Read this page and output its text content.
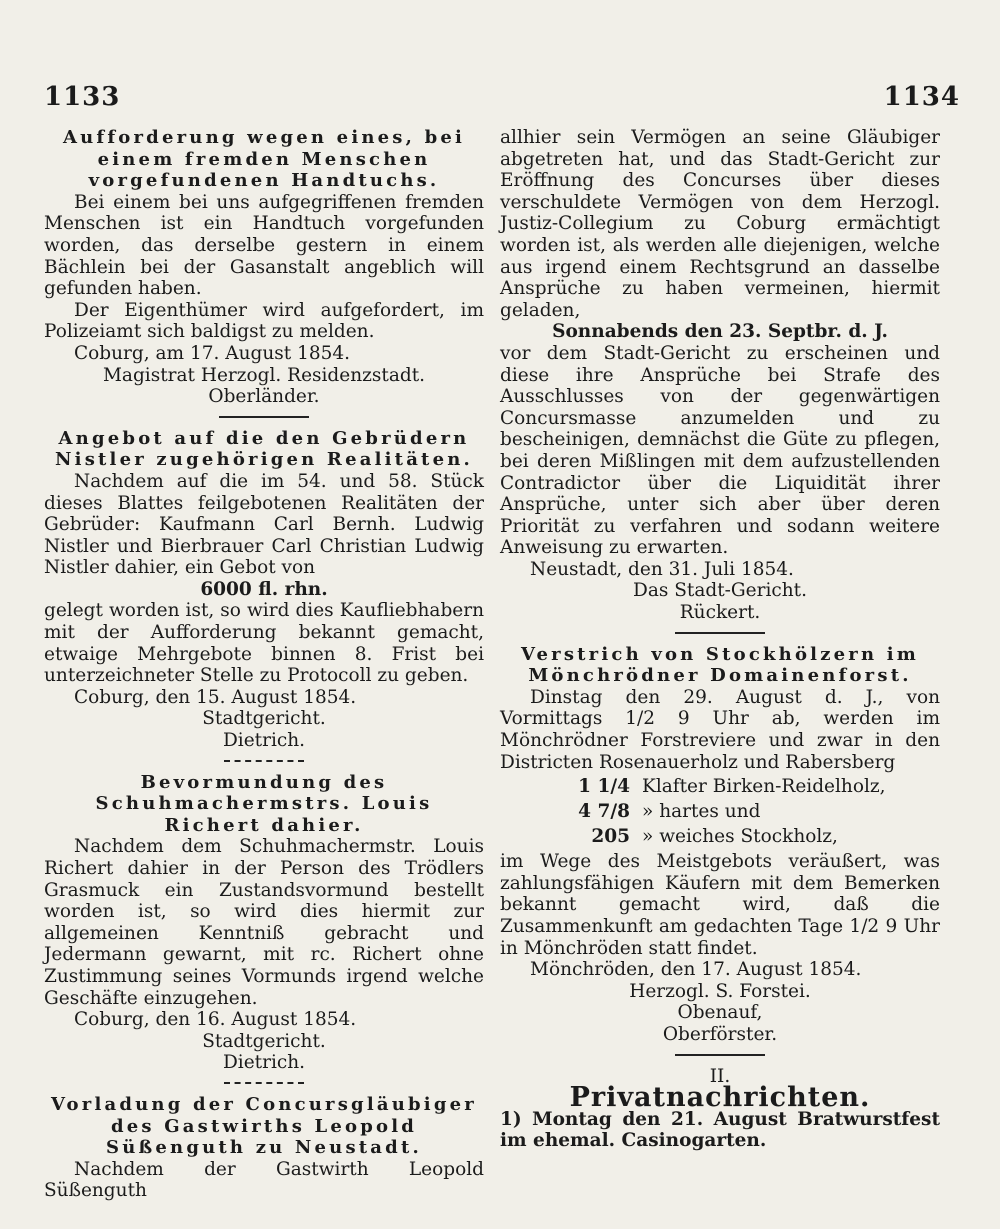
1133	1134

Aufforderung wegen eines, bei einem fremden Menschen vorgefundenen Handtuchs.

Bei einem bei uns aufgegriffenen fremden Menschen ist ein Handtuch vorgefunden worden, das derselbe gestern in einem Bächlein bei der Gasanstalt angeblich will gefunden haben.

Der Eigenthümer wird aufgefordert, im Polizeiamt sich baldigst zu melden.

Coburg, am 17. August 1854.

Magistrat Herzogl. Residenzstadt.

Oberländer.

Angebot auf die den Gebrüdern Nistler zugehörigen Realitäten.

Nachdem auf die im 54. und 58. Stück dieses Blattes feilgebotenen Realitäten der Gebrüder: Kaufmann Carl Bernh. Ludwig Nistler und Bierbrauer Carl Christian Ludwig Nistler dahier, ein Gebot von

6000 fl. rhn.

gelegt worden ist, so wird dies Kaufliebhabern mit der Aufforderung bekannt gemacht, etwaige Mehrgebote binnen 8. Frist bei unterzeichneter Stelle zu Protocoll zu geben.

Coburg, den 15. August 1854.

Stadtgericht.

Dietrich.

Bevormundung des Schuhmachermstrs. Louis Richert dahier.

Nachdem dem Schuhmachermstr. Louis Richert dahier in der Person des Trödlers Grasmuck ein Zustandsvormund bestellt worden ist, so wird dies hiermit zur allgemeinen Kenntniß gebracht und Jedermann gewarnt, mit rc. Richert ohne Zustimmung seines Vormunds irgend welche Geschäfte einzugehen.

Coburg, den 16. August 1854.

Stadtgericht.

Dietrich.

Vorladung der Concursgläubiger des Gastwirths Leopold Süßenguth zu Neustadt.

Nachdem der Gastwirth Leopold Süßenguth

allhier sein Vermögen an seine Gläubiger abgetreten hat, und das Stadt-Gericht zur Eröffnung des Concurses über dieses verschuldete Vermögen von dem Herzogl. Justiz-Collegium zu Coburg ermächtigt worden ist, als werden alle diejenigen, welche aus irgend einem Rechtsgrund an dasselbe Ansprüche zu haben vermeinen, hiermit geladen,

Sonnabends den 23. Septbr. d. J.

vor dem Stadt-Gericht zu erscheinen und diese ihre Ansprüche bei Strafe des Ausschlusses von der gegenwärtigen Concursmasse anzumelden und zu bescheinigen, demnächst die Güte zu pflegen, bei deren Mißlingen mit dem aufzustellenden Contradictor über die Liquidität ihrer Ansprüche, unter sich aber über deren Priorität zu verfahren und sodann weitere Anweisung zu erwarten.

Neustadt, den 31. Juli 1854.

Das Stadt-Gericht.

Rückert.

Verstrich von Stockhölzern im Mönchrödner Domainenforst.

Dinstag den 29. August d. J., von Vormittags 1/2 9 Uhr ab, werden im Mönchrödner Forstreviere und zwar in den Districten Rosenauerholz und Rabersberg

1 1/4 Klafter Birken-Reidelholz,
4 7/8 » hartes und
205 » weiches Stockholz,

im Wege des Meistgebots veräußert, was zahlungsfähigen Käufern mit dem Bemerken bekannt gemacht wird, daß die Zusammenkunft am gedachten Tage 1/2 9 Uhr in Mönchröden statt findet.

Mönchröden, den 17. August 1854.

Herzogl. S. Forstei.

Obenauf,

Oberförster.

II.

Privatnachrichten.

1) Montag den 21. August Bratwurstfest im ehemal. Casinogarten.
